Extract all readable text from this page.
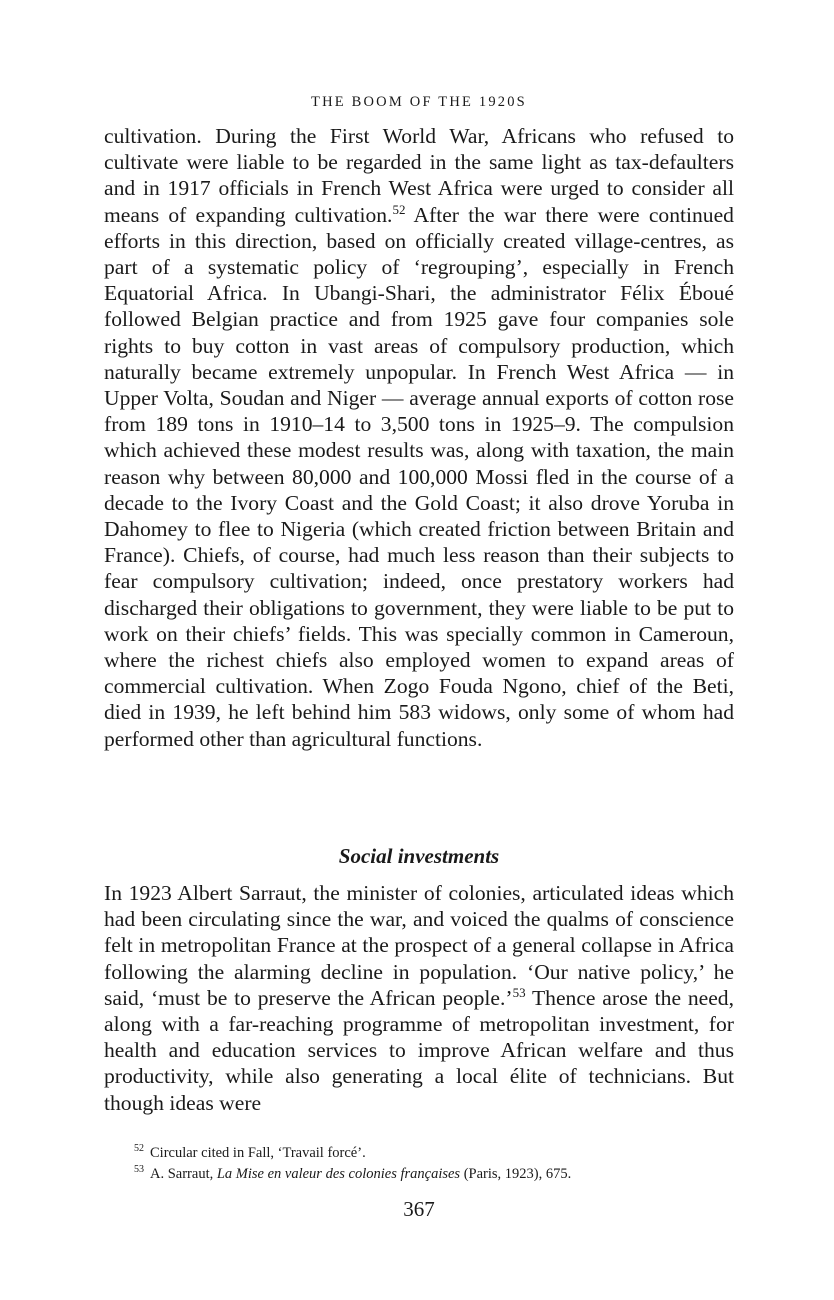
THE BOOM OF THE 1920S

cultivation. During the First World War, Africans who refused to cultivate were liable to be regarded in the same light as tax-defaulters and in 1917 officials in French West Africa were urged to consider all means of expanding cultivation.$^{52}$ After the war there were continued efforts in this direction, based on officially created village-centres, as part of a systematic policy of ‘regrouping’, especially in French Equatorial Africa. In Ubangi-Shari, the administrator Félix Éboué followed Belgian practice and from 1925 gave four companies sole rights to buy cotton in vast areas of compulsory production, which naturally became extremely unpopular. In French West Africa — in Upper Volta, Soudan and Niger — average annual exports of cotton rose from 189 tons in 1910–14 to 3,500 tons in 1925–9. The compulsion which achieved these modest results was, along with taxation, the main reason why between 80,000 and 100,000 Mossi fled in the course of a decade to the Ivory Coast and the Gold Coast; it also drove Yoruba in Dahomey to flee to Nigeria (which created friction between Britain and France). Chiefs, of course, had much less reason than their subjects to fear compulsory cultivation; indeed, once prestatory workers had discharged their obligations to government, they were liable to be put to work on their chiefs’ fields. This was specially common in Cameroun, where the richest chiefs also employed women to expand areas of commercial cultivation. When Zogo Fouda Ngono, chief of the Beti, died in 1939, he left behind him 583 widows, only some of whom had performed other than agricultural functions.

Social investments

In 1923 Albert Sarraut, the minister of colonies, articulated ideas which had been circulating since the war, and voiced the qualms of conscience felt in metropolitan France at the prospect of a general collapse in Africa following the alarming decline in population. ‘Our native policy,’ he said, ‘must be to preserve the African people.’$^{53}$ Thence arose the need, along with a far-reaching programme of metropolitan investment, for health and education services to improve African welfare and thus productivity, while also generating a local élite of technicians. But though ideas were

$^{52}$ Circular cited in Fall, ‘Travail forcé’.
$^{53}$ A. Sarraut, La Mise en valeur des colonies françaises (Paris, 1923), 675.
367
